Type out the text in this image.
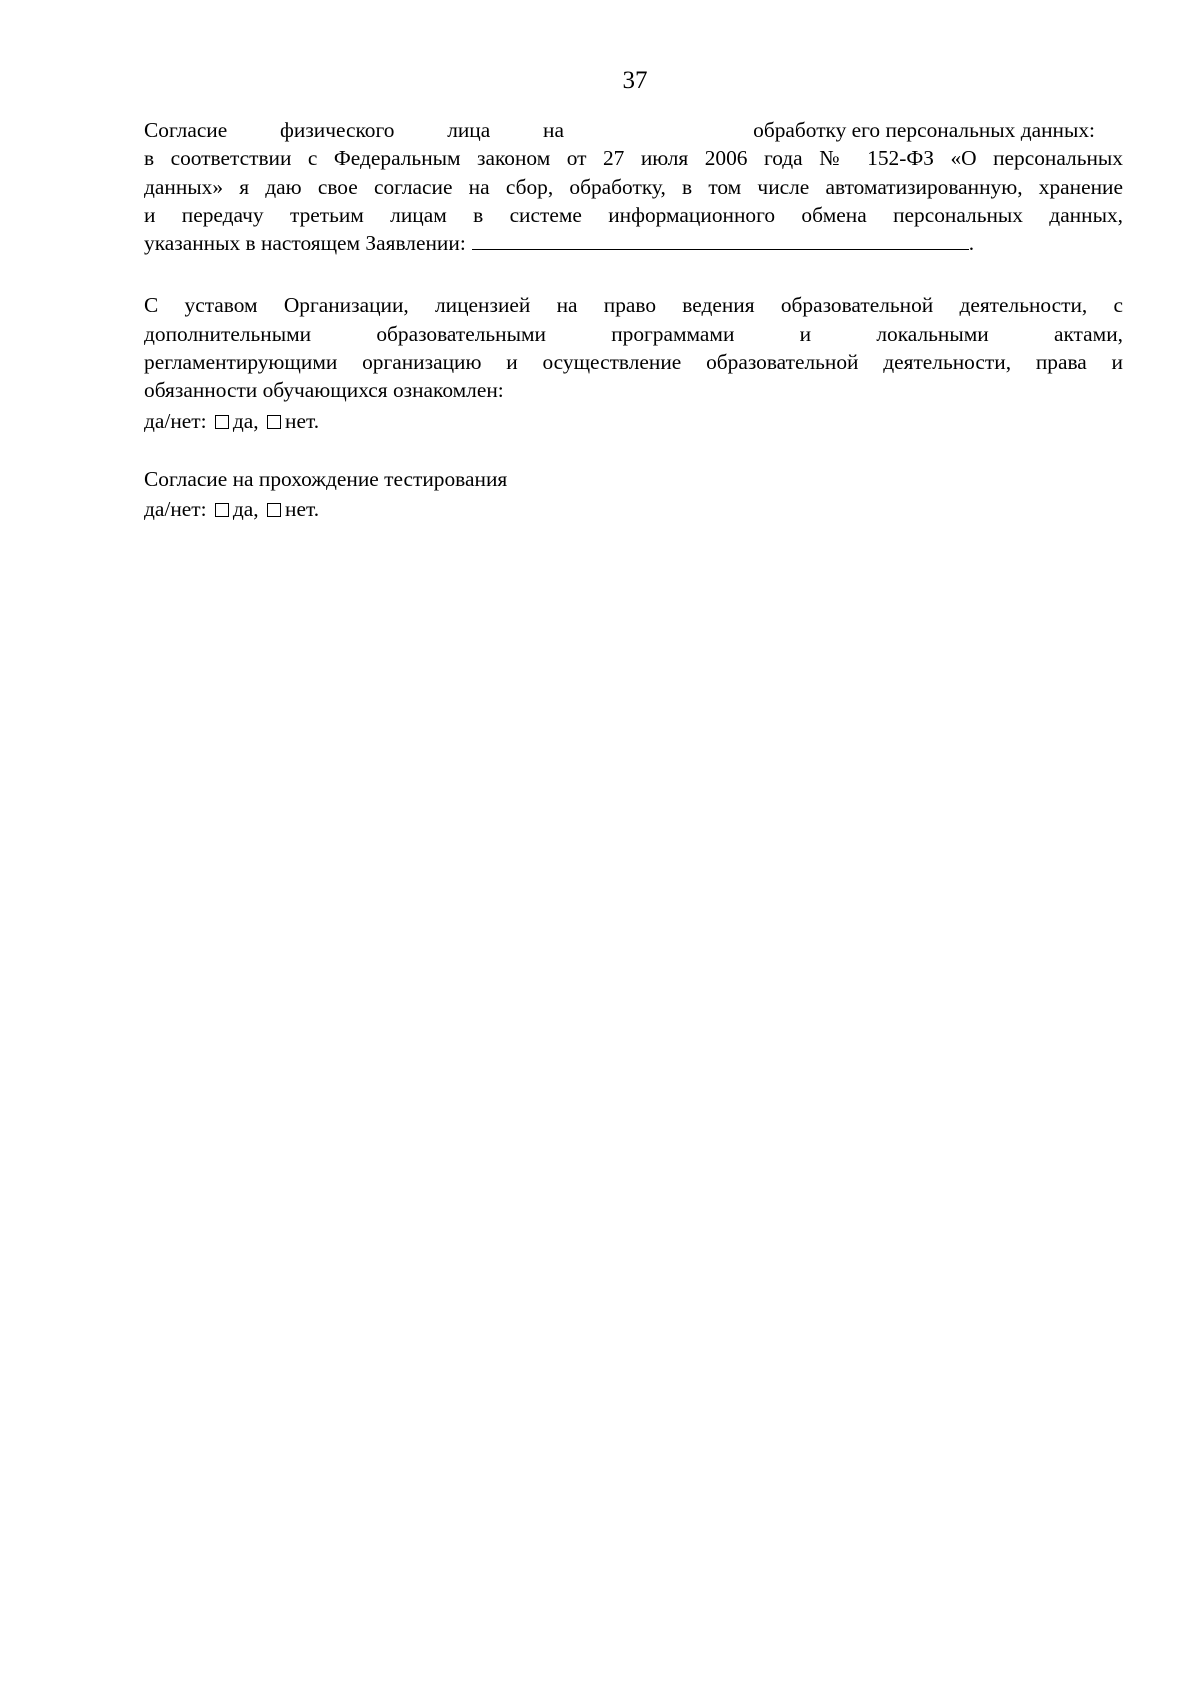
37
Согласие физического лица на	обработку его персональных данных:
в соответствии с Федеральным законом от 27 июля 2006 года № 152-ФЗ «О персональных
данных» я даю свое согласие на сбор, обработку, в том числе автоматизированную, хранение
и передачу третьим лицам в системе информационного обмена персональных данных,
указанных в настоящем Заявлении:	.
С уставом Организации, лицензией на право ведения образовательной деятельности, с
дополнительными образовательными программами и локальными актами,
регламентирующими организацию и осуществление образовательной деятельности, права и
обязанности обучающихся ознакомлен:
да/нет: да, нет.
Согласие на прохождение тестирования
да/нет: да, нет.
